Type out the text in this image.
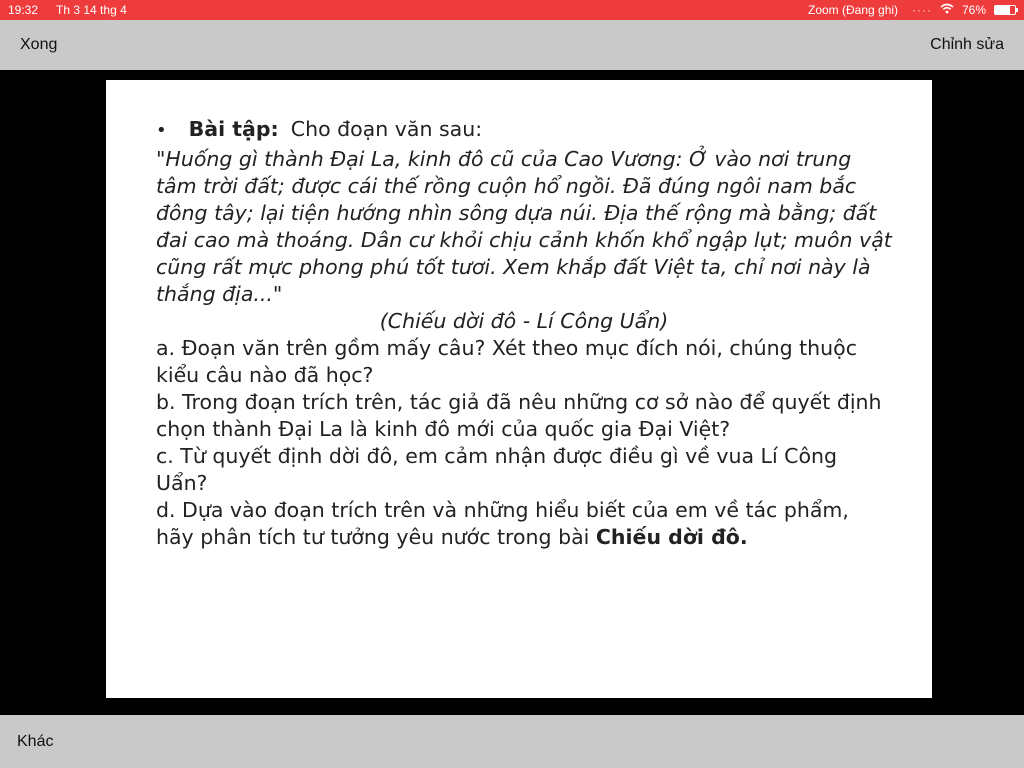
19:32 Th 3 14 thg 4	Zoom (Đang ghi) ····	76%
Xong	Chỉnh sửa
• Bài tập: Cho đoạn văn sau:

"Huống gì thành Đại La, kinh đô cũ của Cao Vương: Ở vào nơi trung tâm trời đất; được cái thế rồng cuộn hổ ngồi. Đã đúng ngôi nam bắc đông tây; lại tiện hướng nhìn sông dựa núi. Địa thế rộng mà bằng; đất đai cao mà thoáng. Dân cư khỏi chịu cảnh khốn khổ ngập lụt; muôn vật cũng rất mực phong phú tốt tươi. Xem khắp đất Việt ta, chỉ nơi này là thắng địa..."

(Chiếu dời đô - Lí Công Uẩn)

a. Đoạn văn trên gồm mấy câu? Xét theo mục đích nói, chúng thuộc kiểu câu nào đã học?

b. Trong đoạn trích trên, tác giả đã nêu những cơ sở nào để quyết định chọn thành Đại La là kinh đô mới của quốc gia Đại Việt?

c. Từ quyết định dời đô, em cảm nhận được điều gì về vua Lí Công Uẩn?

d. Dựa vào đoạn trích trên và những hiểu biết của em về tác phẩm, hãy phân tích tư tưởng yêu nước trong bài Chiếu dời đô.

Khác
